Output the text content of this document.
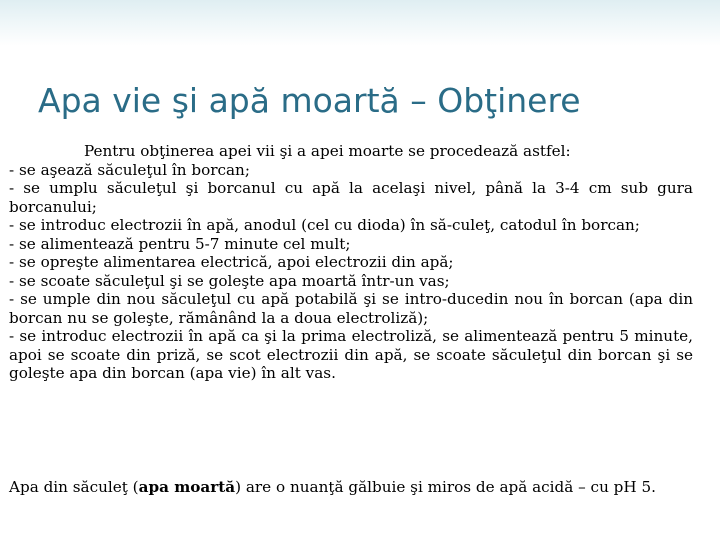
Apa vie şi apă moartă – Obţinere

Pentru obţinerea apei vii şi a apei moarte se procedează astfel:

- se aşează săculeţul în borcan;
- se umplu săculeţul şi borcanul cu apă la acelaşi nivel, până la 3-4 cm sub gura borcanului;
- se introduc electrozii în apă, anodul (cel cu dioda) în să-culeţ, catodul în borcan;
- se alimentează pentru 5-7 minute cel mult;
- se opreşte alimentarea electrică, apoi electrozii din apă;
- se scoate săculeţul şi se goleşte apa moartă într-un vas;
- se umple din nou săculeţul cu apă potabilă şi se intro-ducedin nou în borcan (apa din borcan nu se goleşte, rămânând la a doua electroliză);
- se introduc electrozii în apă ca şi la prima electroliză, se alimentează pentru 5 minute, apoi se scoate din priză, se scot electrozii din apă, se scoate săculeţul din borcan şi se goleşte apa din borcan (apa vie) în alt vas.

Apa din săculeţ (apa moartă) are o nuanţă gălbuie şi miros de apă acidă – cu pH 5.
